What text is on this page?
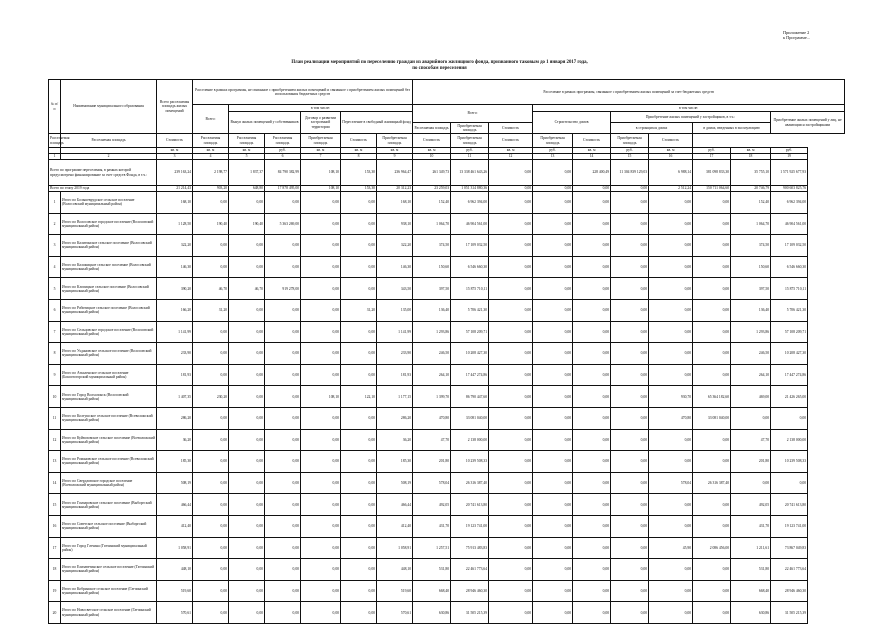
Приложение 2
к Программе...
План реализации мероприятий по переселению граждан из аварийного жилищного фонда, признанного таковым до 1 января 2017 года,
по способам переселения
№ п/п	Наименование муниципального образования	Всего расселяемая площадь жилых помещений	Расселение в рамках программы, не связанное с приобретением жилых помещений и связанное с приобретением жилых помещений без использования бюджетных средств						Расселение в рамках программы, связанное с приобретением жилых помещений за счет бюджетных средств									
			Всего:	в том числе:					Всего:			в том числе:						
				Выкуп жилых помещений у собственников		Договор о развитии застроенной территории	Переселение в свободный жилищный фонд					Строительство домов		Приобретение жилых помещений у застройщиков, в т.ч.:				Приобретение жилых помещений у лиц, не являющихся застройщиками
									Расселяемая площадь	Приобретаемая площадь	Стоимость			в строящихся домах		в домах, введенных в эксплуатацию		
Расселяемая площадь	Расселяемая площадь	Стоимость	Расселяемая площадь	Расселяемая площадь	Расселяемая площадь	Приобретаемая площадь	Стоимость	Приобретаемая площадь	Стоимость	Приобретаемая площадь	Стоимость	Приобретаемая площадь	Стоимость	Приобретаемая площадь	Стоимость			
		кв. м	кв. м	кв. м	руб.	кв. м	кв. м	кв. м	кв. м	руб.	кв. м	руб.	кв. м	руб.	кв. м	руб.	кв. м	руб.
1	2	3	4	5	6	7	8	9	10	11	12	13	14	15	16	17	18	19
Всего по программе переселения, в рамках которой предусмотрено финансирование за счет средств Фонда, в т.ч.:		239 163,24	2 198,77	1 837,37	84 790 382,99	108,10	153,30	236 964,47	261 349,73	13 338 461 643,26	0,00	0,00	228 400,49	11 304 839 129,03	6 988,14	381 098 833,30	35 755,10	1 571 925 677,93
Всего по этапу 2019 года		21 214,43	903,20	648,80	17 878 495,00	108,10	153,30	20 312,23	23 259,03	1 051 314 880,36	0,00	0,00	0,00	0,00	2 512,24	150 711 064,60	20 746,79	900 603 825,76
1	Итого по Большеврудское сельское поселение (Волосовский муниципальный район)	168,10	0,00	0,00	0,00	0,00	0,00	168,10	152,40	6 962 394,00	0,00	0,00	0,00	0,00	0,00	0,00	152,40	6 962 394,00
2	Итого по Волосовское городское поселение (Волосовский муниципальный район)	1 128,50	190,40	190,40	5 363 269,00	0,00	0,00	938,10	1 064,70	46 904 561,00	0,00	0,00	0,00	0,00	0,00	0,00	1 064,70	46 904 561,00
3	Итого по Калитинское сельское поселение (Волосовский муниципальный район)	322,20	0,00	0,00	0,00	0,00	0,00	322,20	374,50	17 109 032,50	0,00	0,00	0,00	0,00	0,00	0,00	374,50	17 109 032,50
4	Итого по Каложицкое сельское поселение (Волосовский муниципальный район)	146,30	0,00	0,00	0,00	0,00	0,00	146,30	150,60	6 546 660,30	0,00	0,00	0,00	0,00	0,00	0,00	150,60	6 546 660,30
5	Итого по Клопицкое сельское поселение (Волосовский муниципальный район)	390,20	46,70	46,70	919 278,00	0,00	0,00	343,50	397,50	15 875 710,11	0,00	0,00	0,00	0,00	0,00	0,00	397,50	15 875 710,11
6	Итого по Рабитицкое сельское поселение (Волосовский муниципальный район)	166,20	31,20	0,00	0,00	0,00	31,20	135,00	136,40	5 706 421,30	0,00	0,00	0,00	0,00	0,00	0,00	136,40	5 706 421,30
7	Итого по Сельцовское городское поселение (Волосовский муниципальный район)	1 141,99	0,00	0,00	0,00	0,00	0,00	1 141,99	1 293,86	57 108 209,71	0,00	0,00	0,00	0,00	0,00	0,00	1 293,86	57 108 209,71
8	Итого по Ухдяновское сельское поселение (Волосовский муниципальный район)	233,90	0,00	0,00	0,00	0,00	0,00	233,90	246,50	10 208 427,30	0,00	0,00	0,00	0,00	0,00	0,00	246,50	10 208 427,30
9	Итого по Аткаленское сельское поселение (Бокситогорский муниципальный район)	181,93	0,00	0,00	0,00	0,00	0,00	181,93	264,10	17 447 274,86	0,00	0,00	0,00	0,00	0,00	0,00	264,10	17 447 274,86
10	Итого по Город Волхолонск (Волосовский муниципальный район)	1 407,35	230,20	0,00	0,00	108,10	122,10	1 177,15	1 399,70	86 790 447,60	0,00	0,00	0,00	0,00	930,70	65 364 182,60	469,00	21 426 265,00
11	Итого по Колтушское сельское поселение (Всеволожский муниципальный район)	286,20	0,00	0,00	0,00	0,00	0,00	286,20	470,80	33 081 040,00	0,00	0,00	0,00	0,00	470,80	33 081 040,00	0,00	0,00
12	Итого по Куйвозовское сельское поселение (Всеволожский муниципальный район)	36,20	0,00	0,00	0,00	0,00	0,00	36,20	47,70	2 138 000,00	0,00	0,00	0,00	0,00	0,00	0,00	47,70	2 138 000,00
13	Итого по Романовское сельское поселение (Всеволожский муниципальный район)	185,30	0,00	0,00	0,00	0,00	0,00	185,30	201,80	10 239 508,33	0,00	0,00	0,00	0,00	0,00	0,00	201,80	10 239 508,33
14	Итого по Свердловское городское поселение (Всеволожский муниципальный район)	508,19	0,00	0,00	0,00	0,00	0,00	508,19	578,04	26 316 387,40	0,00	0,00	0,00	0,00	578,04	26 316 387,40	0,00	0,00
15	Итого по Гончаровское сельское поселение (Выборгский муниципальный район)	466,44	0,00	0,00	0,00	0,00	0,00	466,44	492,05	20 741 613,80	0,00	0,00	0,00	0,00	0,00	0,00	492,05	20 741 613,80
16	Итого по Советское сельское поселение (Выборгский муниципальный район)	412,40	0,00	0,00	0,00	0,00	0,00	412,40	431,70	19 123 741,00	0,00	0,00	0,00	0,00	0,00	0,00	431,70	19 123 741,00
17	Итого по Город Гатчина (Гатчинский муниципальный район)	1 058,91	0,00	0,00	0,00	0,00	0,00	1 058,91	1 257,51	75 913 483,83	0,00	0,00	0,00	0,00	45,90	2 086 456,00	1 211,61	73 867 049,83
18	Итого по Елизаветинское сельское поселение (Гатчинский муниципальный район)	448,10	0,00	0,00	0,00	0,00	0,00	448,10	531,80	22 461 773,64	0,00	0,00	0,00	0,00	0,00	0,00	531,80	22 461 773,64
19	Итого по Кобринское сельское поселение (Гатчинский муниципальный район)	519,60	0,00	0,00	0,00	0,00	0,00	519,60	668,40	28 946 460,30	0,00	0,00	0,00	0,00	0,00	0,00	668,40	28 946 460,30
20	Итого по Новосветское сельское поселение (Гатчинский муниципальный район)	570,61	0,00	0,00	0,00	0,00	0,00	570,61	630,86	31 505 215,39	0,00	0,00	0,00	0,00	0,00	0,00	630,86	31 505 215,39
